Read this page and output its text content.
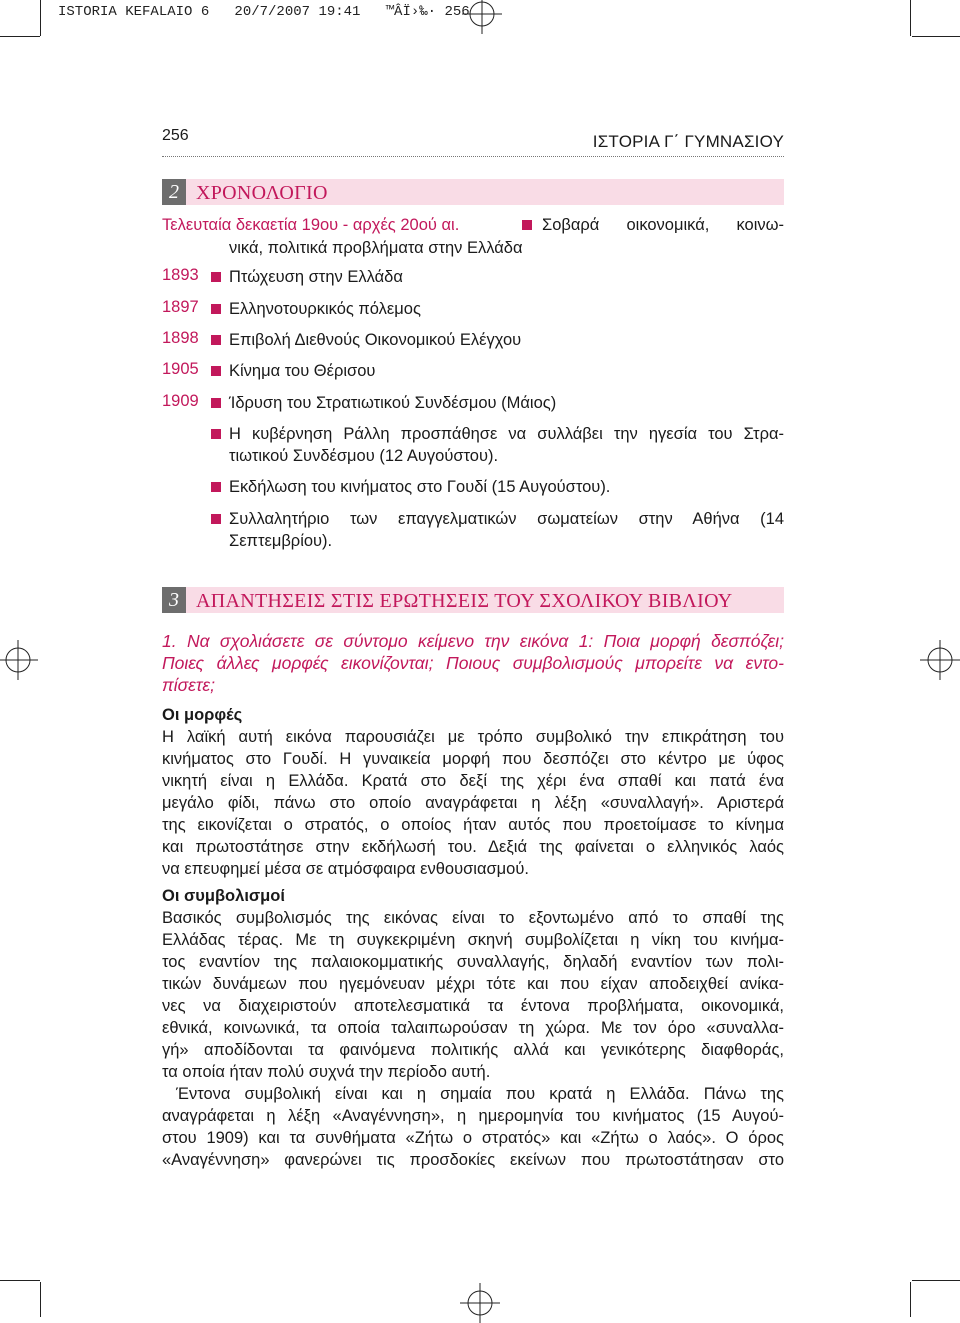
ISTORIA KEFALAIO 6   20/7/2007 19:41   ™ÂÏ›‰· 256
256	ΙΣΤΟΡΙΑ Γ΄ ΓΥΜΝΑΣΙΟΥ
2 ΧΡΟΝΟΛΟΓΙΟ
Τελευταία δεκαετία 19ου - αρχές 20ού αι.	Σοβαρά οικονομικά, κοινω-
νικά, πολιτικά προβλήματα στην Ελλάδα
1893 Πτώχευση στην Ελλάδα
1897 Ελληνοτουρκικός πόλεμος
1898 Επιβολή Διεθνούς Οικονομικού Ελέγχου
1905 Κίνημα του Θέρισου
1909 Ίδρυση του Στρατιωτικού Συνδέσμου (Μάιος)
Η κυβέρνηση Ράλλη προσπάθησε να συλλάβει την ηγεσία του Στρα-
τιωτικού Συνδέσμου (12 Αυγούστου).
Εκδήλωση του κινήματος στο Γουδί (15 Αυγούστου).
Συλλαλητήριο των επαγγελματικών σωματείων στην Αθήνα (14
Σεπτεμβρίου).
3 ΑΠΑΝΤΗΣΕΙΣ ΣΤΙΣ ΕΡΩΤΗΣΕΙΣ ΤΟΥ ΣΧΟΛΙΚΟΥ ΒΙΒΛΙΟΥ
1. Να σχολιάσετε σε σύντομο κείμενο την εικόνα 1: Ποια μορφή δεσπόζει;
Ποιες άλλες μορφές εικονίζονται; Ποιους συμβολισμούς μπορείτε να εντο-
πίσετε;
Οι μορφές
Η λαϊκή αυτή εικόνα παρουσιάζει με τρόπο συμβολικό την επικράτηση του
κινήματος στο Γουδί. Η γυναικεία μορφή που δεσπόζει στο κέντρο με ύφος
νικητή είναι η Ελλάδα. Κρατά στο δεξί της χέρι ένα σπαθί και πατά ένα
μεγάλο φίδι, πάνω στο οποίο αναγράφεται η λέξη «συναλλαγή». Αριστερά
της εικονίζεται ο στρατός, ο οποίος ήταν αυτός που προετοίμασε το κίνημα
και πρωτοστάτησε στην εκδήλωσή του. Δεξιά της φαίνεται ο ελληνικός λαός
να επευφημεί μέσα σε ατμόσφαιρα ενθουσιασμού.
Οι συμβολισμοί
Βασικός συμβολισμός της εικόνας είναι το εξοντωμένο από το σπαθί της
Ελλάδας τέρας. Με τη συγκεκριμένη σκηνή συμβολίζεται η νίκη του κινήμα-
τος εναντίον της παλαιοκομματικής συναλλαγής, δηλαδή εναντίον των πολι-
τικών δυνάμεων που ηγεμόνευαν μέχρι τότε και που είχαν αποδειχθεί ανίκα-
νες να διαχειριστούν αποτελεσματικά τα έντονα προβλήματα, οικονομικά,
εθνικά, κοινωνικά, τα οποία ταλαιπωρούσαν τη χώρα. Με τον όρο «συναλλα-
γή» αποδίδονται τα φαινόμενα πολιτικής αλλά και γενικότερης διαφθοράς,
τα οποία ήταν πολύ συχνά την περίοδο αυτή.
Έντονα συμβολική είναι και η σημαία που κρατά η Ελλάδα. Πάνω της
αναγράφεται η λέξη «Αναγέννηση», η ημερομηνία του κινήματος (15 Αυγού-
στου 1909) και τα συνθήματα «Ζήτω ο στρατός» και «Ζήτω ο λαός». Ο όρος
«Αναγέννηση» φανερώνει τις προσδοκίες εκείνων που πρωτοστάτησαν στο
